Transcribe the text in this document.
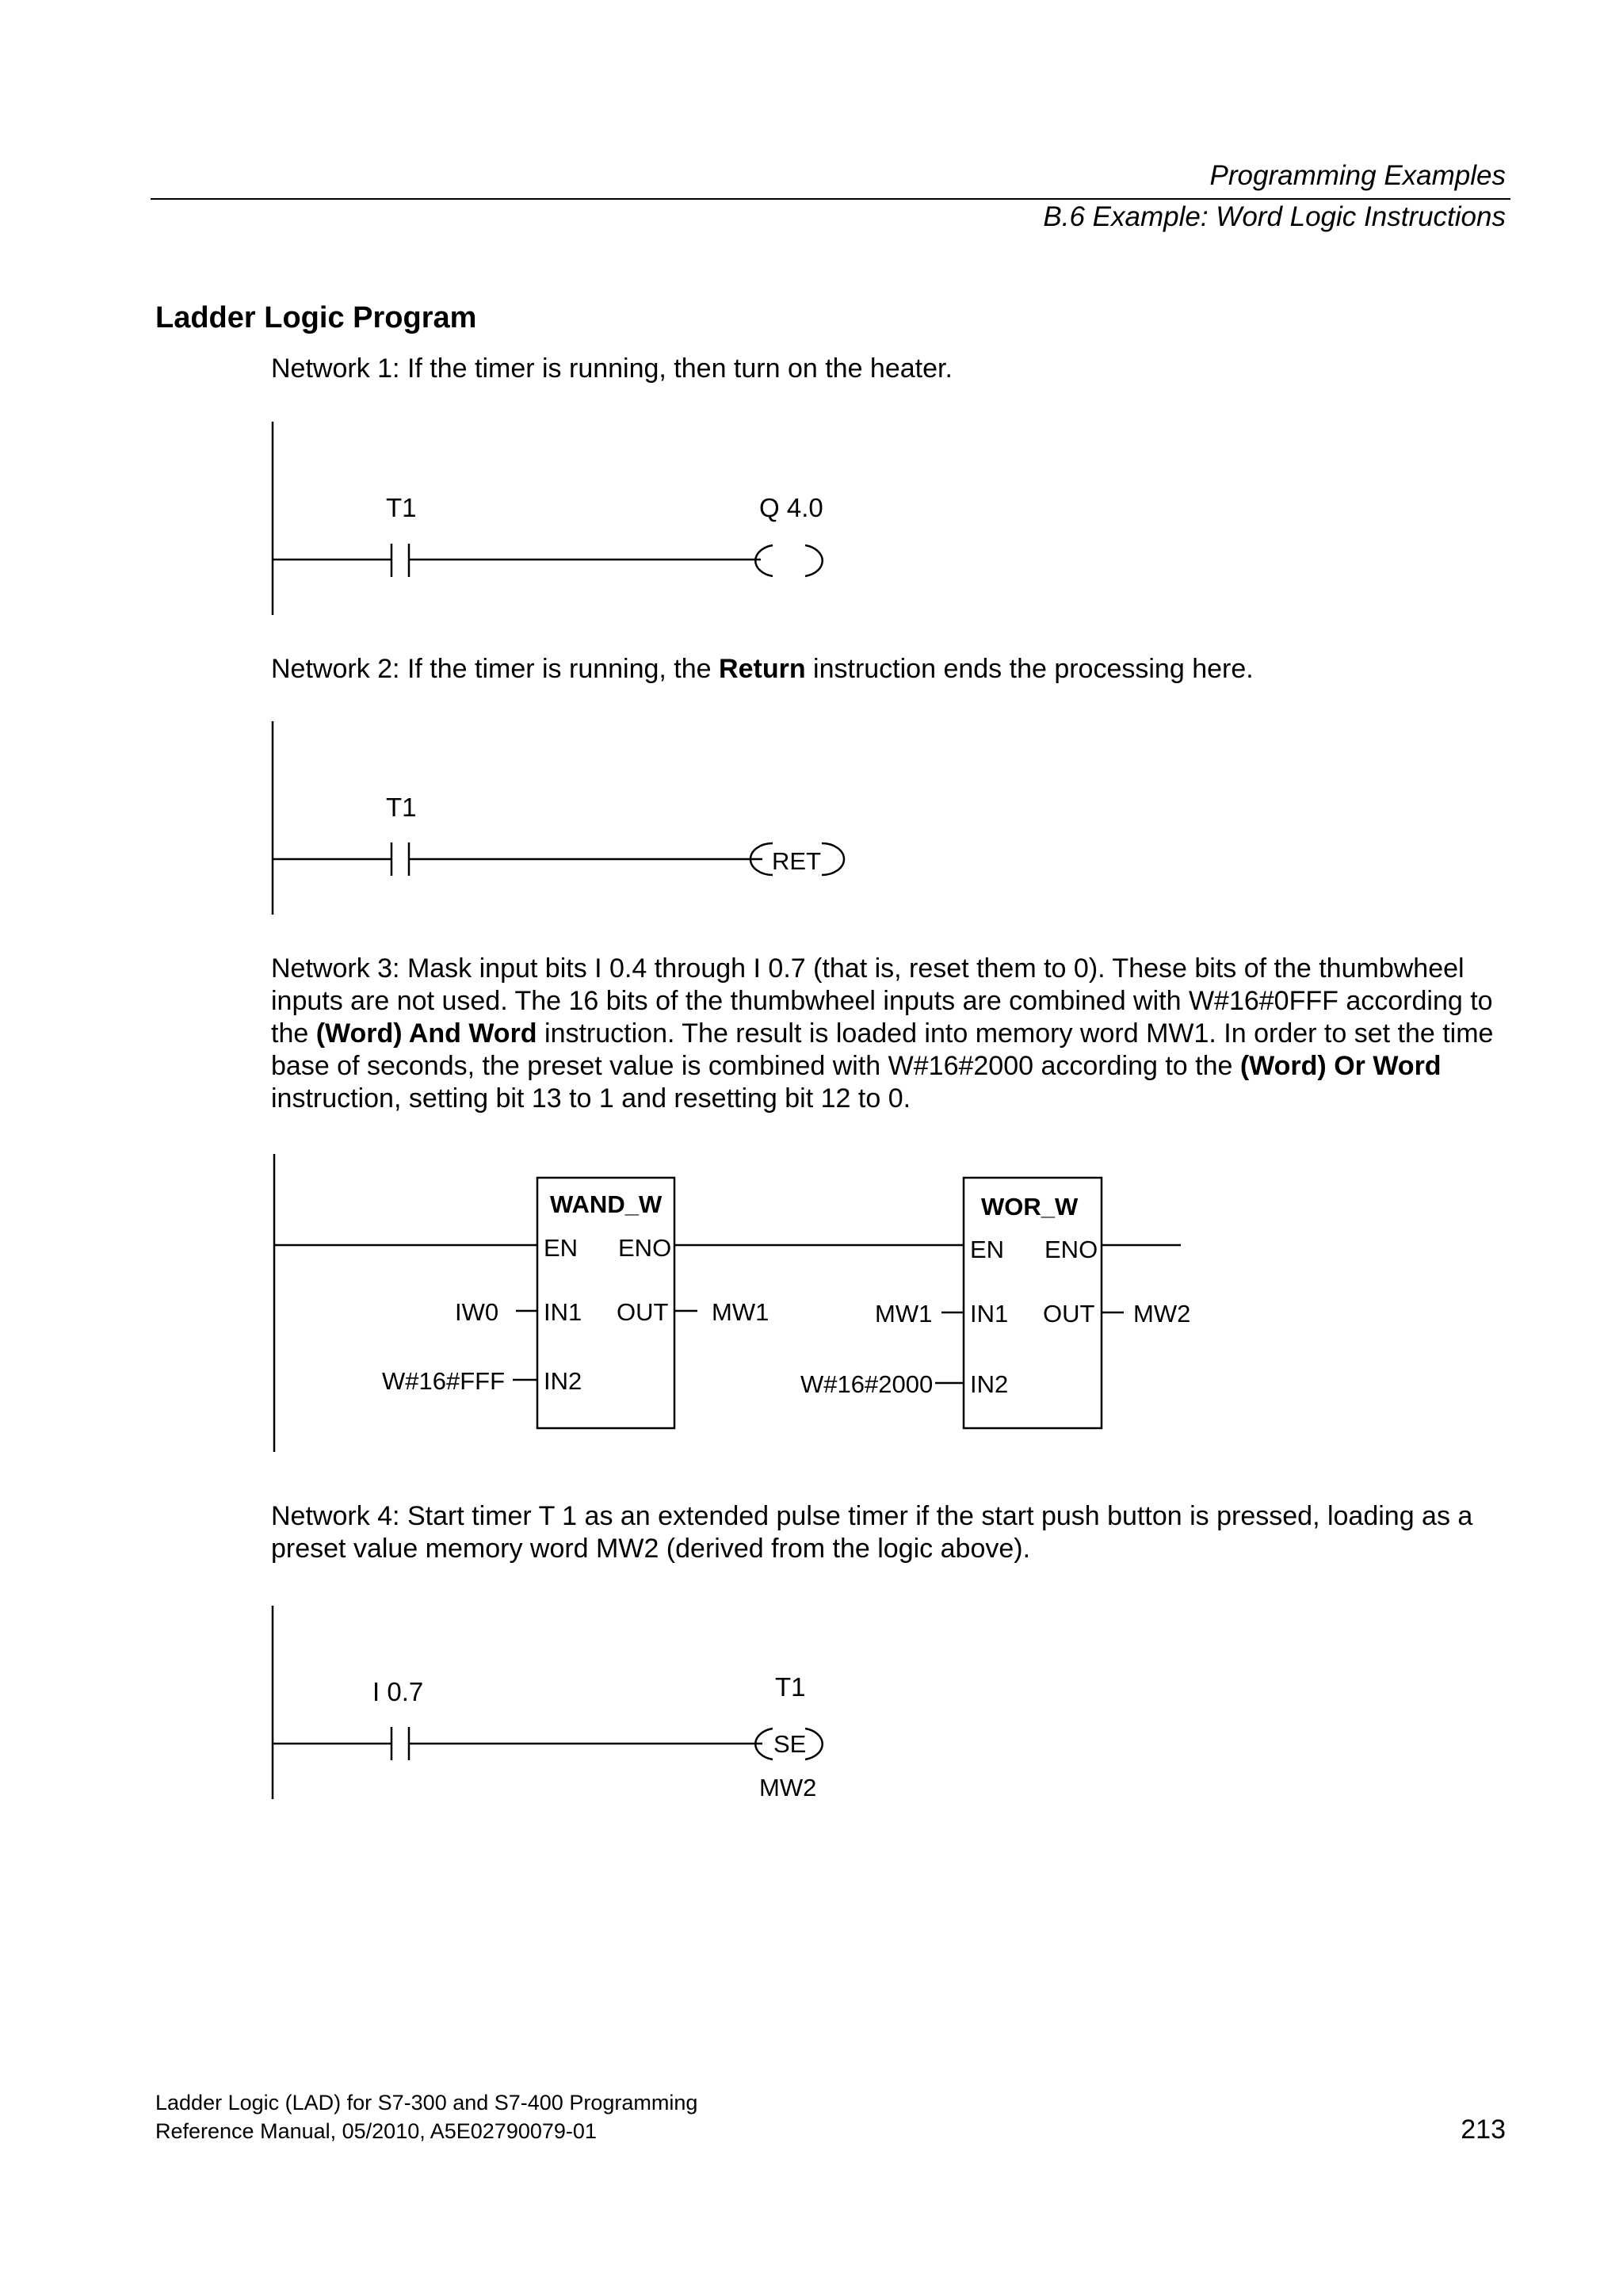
Programming Examples
B.6 Example: Word Logic Instructions
Ladder Logic Program
Network 1: If the timer is running, then turn on the heater.
T1	Q 4.0
T1
RET
WAND_W
EN ENO
IN1 OUT
IN2
IW0
W#16#FFF
MW1
WOR_W
EN ENO
IN1 OUT
IN2
MW1
W#16#2000
MW2
I 0.7	T1
SE
MW2
Network 2: If the timer is running, the Return instruction ends the processing here.
Network 3: Mask input bits I 0.4 through I 0.7 (that is, reset them to 0). These bits of the thumbwheel inputs are not used. The 16 bits of the thumbwheel inputs are combined with W#16#0FFF according to the (Word) And Word instruction. The result is loaded into memory word MW1. In order to set the time base of seconds, the preset value is combined with W#16#2000 according to the (Word) Or Word instruction, setting bit 13 to 1 and resetting bit 12 to 0.
Network 4: Start timer T 1 as an extended pulse timer if the start push button is pressed, loading as a preset value memory word MW2 (derived from the logic above).
Ladder Logic (LAD) for S7-300 and S7-400 Programming
Reference Manual, 05/2010, A5E02790079-01	213
